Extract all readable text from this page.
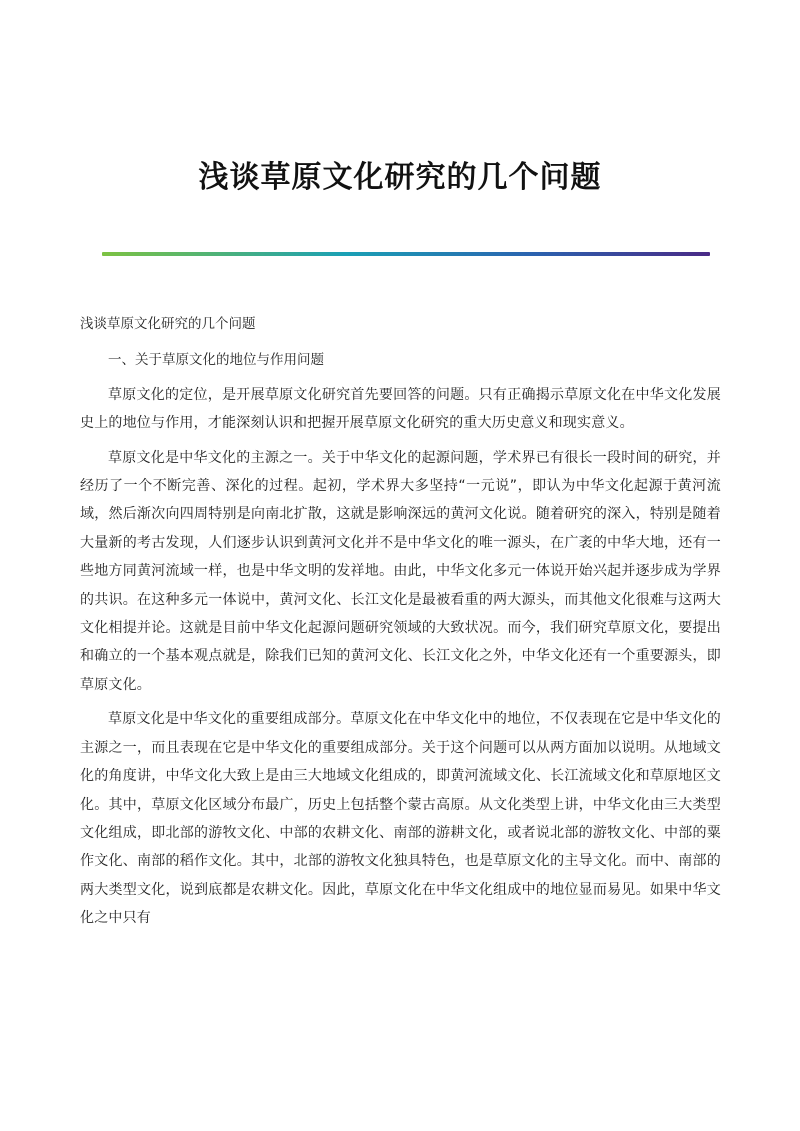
浅谈草原文化研究的几个问题

浅谈草原文化研究的几个问题

一、关于草原文化的地位与作用问题

草原文化的定位，是开展草原文化研究首先要回答的问题。只有正确揭示草原文化在中华文化发展史上的地位与作用，才能深刻认识和把握开展草原文化研究的重大历史意义和现实意义。

草原文化是中华文化的主源之一。关于中华文化的起源问题，学术界已有很长一段时间的研究，并经历了一个不断完善、深化的过程。起初，学术界大多坚持“一元说”，即认为中华文化起源于黄河流域，然后渐次向四周特别是向南北扩散，这就是影响深远的黄河文化说。随着研究的深入，特别是随着大量新的考古发现，人们逐步认识到黄河文化并不是中华文化的唯一源头，在广袤的中华大地，还有一些地方同黄河流域一样，也是中华文明的发祥地。由此，中华文化多元一体说开始兴起并逐步成为学界的共识。在这种多元一体说中，黄河文化、长江文化是最被看重的两大源头，而其他文化很难与这两大文化相提并论。这就是目前中华文化起源问题研究领域的大致状况。而今，我们研究草原文化，要提出和确立的一个基本观点就是，除我们已知的黄河文化、长江文化之外，中华文化还有一个重要源头，即草原文化。

草原文化是中华文化的重要组成部分。草原文化在中华文化中的地位，不仅表现在它是中华文化的主源之一，而且表现在它是中华文化的重要组成部分。关于这个问题可以从两方面加以说明。从地域文化的角度讲，中华文化大致上是由三大地域文化组成的，即黄河流域文化、长江流域文化和草原地区文化。其中，草原文化区域分布最广，历史上包括整个蒙古高原。从文化类型上讲，中华文化由三大类型文化组成，即北部的游牧文化、中部的农耕文化、南部的游耕文化，或者说北部的游牧文化、中部的粟作文化、南部的稻作文化。其中，北部的游牧文化独具特色，也是草原文化的主导文化。而中、南部的两大类型文化，说到底都是农耕文化。因此，草原文化在中华文化组成中的地位显而易见。如果中华文化之中只有
